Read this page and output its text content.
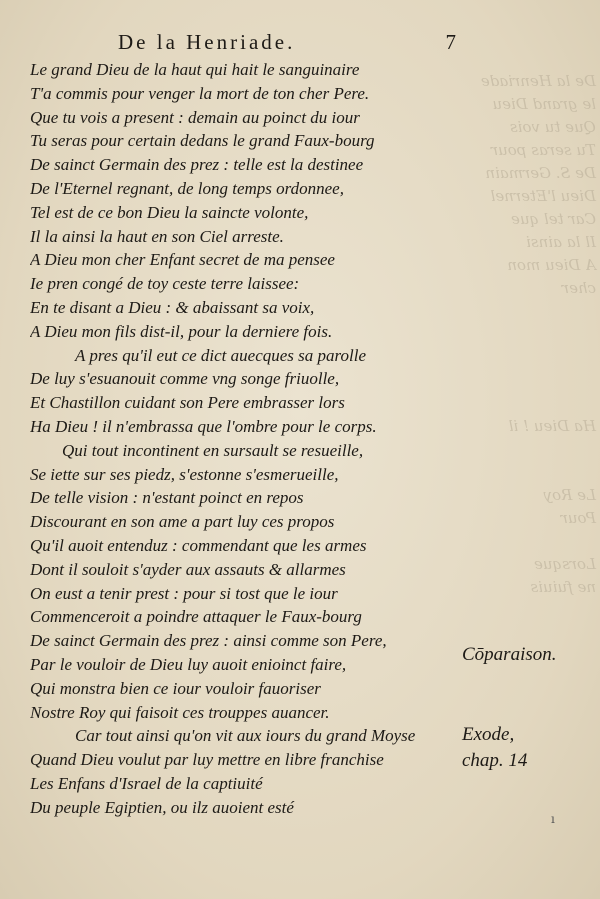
De la Henriade
le grand Dieu
Que tu vois
Tu seras pour
De S. Germain
Dieu l'Eternel
Car tel que
Il la ainsi
A Dieu mon cher

Ha Dieu ! il

Le Roy
Pour

Lorsque
ne fuiuis

De la Henriade.	7
Le grand Dieu de la haut qui hait le sanguinaire
T'a commis pour venger la mort de ton cher Pere.
Que tu vois a present : demain au poinct du iour
Tu seras pour certain dedans le grand Faux-bourg
De sainct Germain des prez : telle est la destinee
De l'Eternel regnant, de long temps ordonnee,
Tel est de ce bon Dieu la saincte volonte,
Il la ainsi la haut en son Ciel arreste.
A Dieu mon cher Enfant secret de ma pensee
Ie pren congé de toy ceste terre laissee:
En te disant a Dieu : & abaissant sa voix,
A Dieu mon fils dist-il, pour la derniere fois.
A pres qu'il eut ce dict auecques sa parolle
De luy s'esuanouit comme vng songe friuolle,
Et Chastillon cuidant son Pere embrasser lors
Ha Dieu ! il n'embrassa que l'ombre pour le corps.
Qui tout incontinent en sursault se resueille,
Se iette sur ses piedz, s'estonne s'esmerueille,
De telle vision : n'estant poinct en repos
Discourant en son ame a part luy ces propos
Qu'il auoit entenduz : commendant que les armes
Dont il souloit s'ayder aux assauts & allarmes
On eust a tenir prest : pour si tost que le iour
Commenceroit a poindre attaquer le Faux-bourg
De sainct Germain des prez : ainsi comme son Pere,
Par le vouloir de Dieu luy auoit enioinct faire,
Qui monstra bien ce iour vouloir fauoriser
Nostre Roy qui faisoit ces trouppes auancer.
Car tout ainsi qu'on vit aux iours du grand Moyse
Quand Dieu voulut par luy mettre en libre franchise
Les Enfans d'Israel de la captiuité
Du peuple Egiptien, ou ilz auoient esté
Cōparaison.
Exode, chap. 14
ı
